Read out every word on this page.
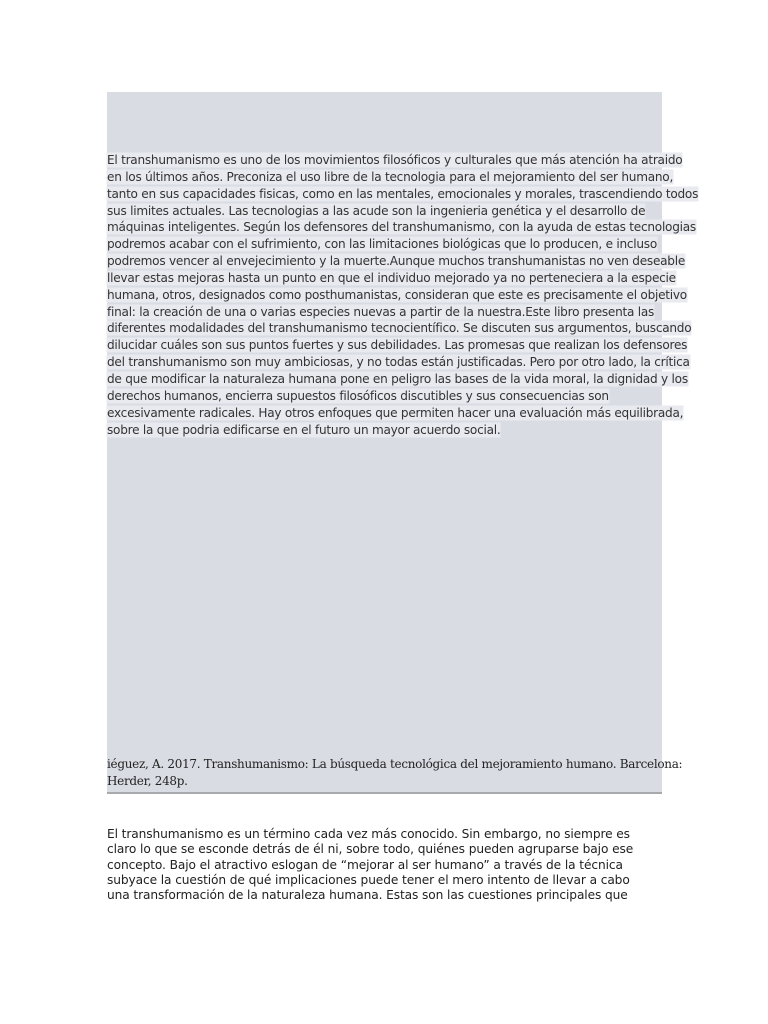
El transhumanismo es uno de los movimientos filosóficos y culturales que más atención ha atraido
en los últimos años. Preconiza el uso libre de la tecnologia para el mejoramiento del ser humano,
tanto en sus capacidades fisicas, como en las mentales, emocionales y morales, trascendiendo todos
sus limites actuales. Las tecnologias a las acude son la ingenieria genética y el desarrollo de
máquinas inteligentes. Según los defensores del transhumanismo, con la ayuda de estas tecnologias
podremos acabar con el sufrimiento, con las limitaciones biológicas que lo producen, e incluso
podremos vencer al envejecimiento y la muerte.Aunque muchos transhumanistas no ven deseable
llevar estas mejoras hasta un punto en que el individuo mejorado ya no perteneciera a la especie
humana, otros, designados como posthumanistas, consideran que este es precisamente el objetivo
final: la creación de una o varias especies nuevas a partir de la nuestra.Este libro presenta las
diferentes modalidades del transhumanismo tecnocientífico. Se discuten sus argumentos, buscando
dilucidar cuáles son sus puntos fuertes y sus debilidades. Las promesas que realizan los defensores
del transhumanismo son muy ambiciosas, y no todas están justificadas. Pero por otro lado, la crítica
de que modificar la naturaleza humana pone en peligro las bases de la vida moral, la dignidad y los
derechos humanos, encierra supuestos filosóficos discutibles y sus consecuencias son
excesivamente radicales. Hay otros enfoques que permiten hacer una evaluación más equilibrada,
sobre la que podria edificarse en el futuro un mayor acuerdo social.

iéguez, A. 2017. Transhumanismo: La búsqueda tecnológica del mejoramiento humano. Barcelona:
Herder, 248p.

El transhumanismo es un término cada vez más conocido. Sin embargo, no siempre es
claro lo que se esconde detrás de él ni, sobre todo, quiénes pueden agruparse bajo ese
concepto. Bajo el atractivo eslogan de “mejorar al ser humano” a través de la técnica
subyace la cuestión de qué implicaciones puede tener el mero intento de llevar a cabo
una transformación de la naturaleza humana. Estas son las cuestiones principales que
